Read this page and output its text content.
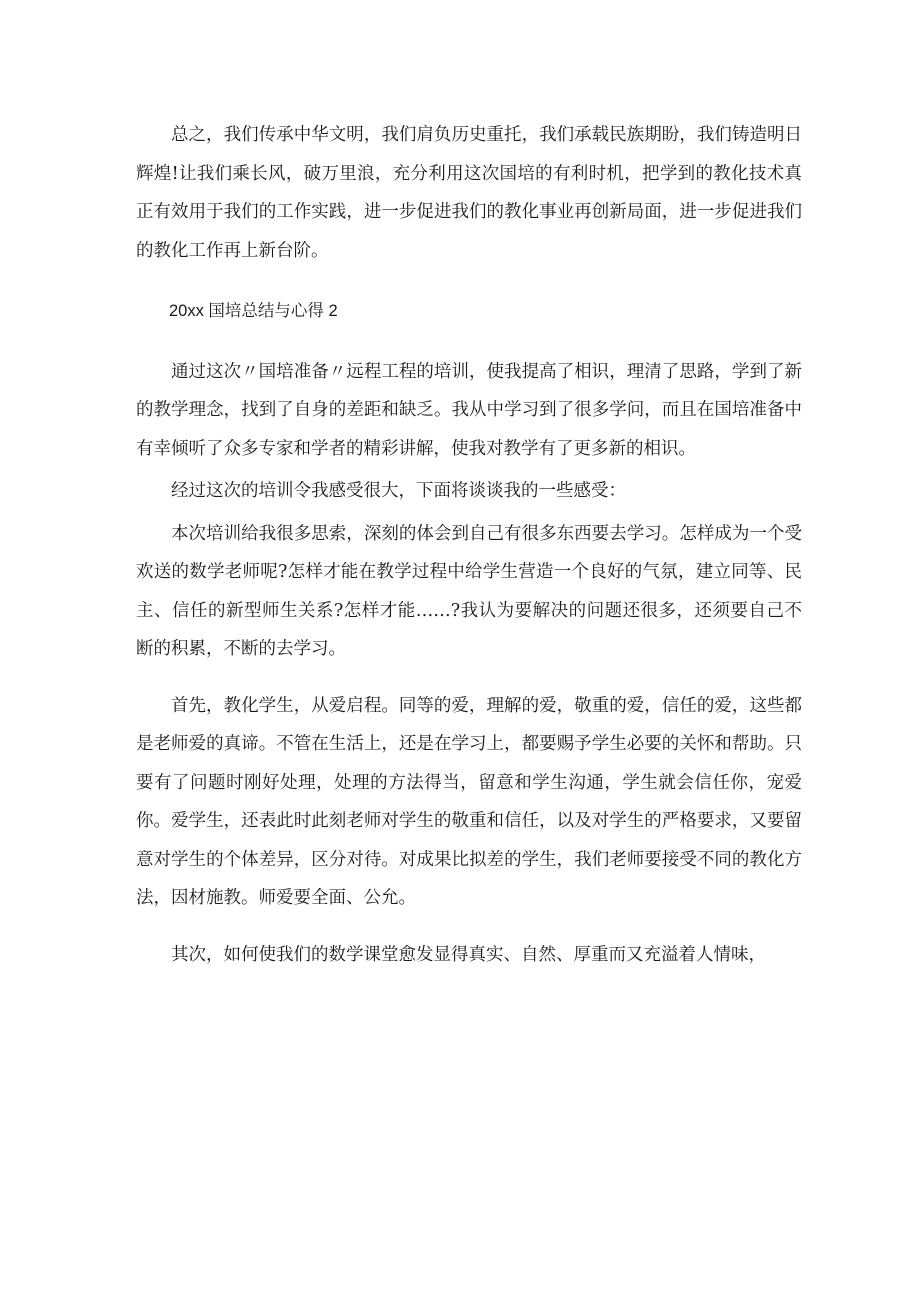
总之，我们传承中华文明，我们肩负历史重托，我们承载民族期盼，我们铸造明日辉煌!让我们乘长风，破万里浪，充分利用这次国培的有利时机，把学到的教化技术真正有效用于我们的工作实践，进一步促进我们的教化事业再创新局面，进一步促进我们的教化工作再上新台阶。

20xx 国培总结与心得 2

通过这次〃国培准备〃远程工程的培训，使我提高了相识，理清了思路，学到了新的教学理念，找到了自身的差距和缺乏。我从中学习到了很多学问，而且在国培准备中有幸倾听了众多专家和学者的精彩讲解，使我对教学有了更多新的相识。

经过这次的培训令我感受很大，下面将谈谈我的一些感受：

本次培训给我很多思索，深刻的体会到自己有很多东西要去学习。怎样成为一个受欢送的数学老师呢?怎样才能在教学过程中给学生营造一个良好的气氛，建立同等、民主、信任的新型师生关系?怎样才能……?我认为要解决的问题还很多，还须要自己不断的积累，不断的去学习。

首先，教化学生，从爱启程。同等的爱，理解的爱，敬重的爱，信任的爱，这些都是老师爱的真谛。不管在生活上，还是在学习上，都要赐予学生必要的关怀和帮助。只要有了问题时刚好处理，处理的方法得当，留意和学生沟通，学生就会信任你，宠爱你。爱学生，还表此时此刻老师对学生的敬重和信任，以及对学生的严格要求，又要留意对学生的个体差异，区分对待。对成果比拟差的学生，我们老师要接受不同的教化方法，因材施教。师爱要全面、公允。

其次，如何使我们的数学课堂愈发显得真实、自然、厚重而又充溢着人情味，
